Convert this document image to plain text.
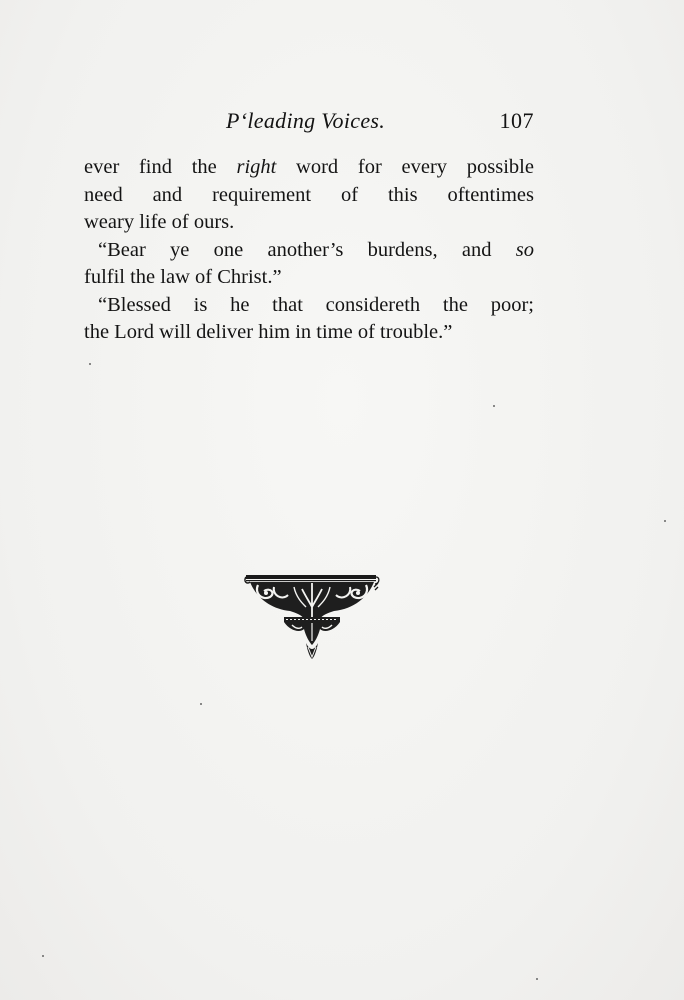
Pʻleading Voices.	107
ever find the right word for every possible
need and requirement of this oftentimes
weary life of ours.
“Bear ye one another’s burdens, and so
fulfil the law of Christ.”
“Blessed is he that considereth the poor;
the Lord will deliver him in time of trouble.”
